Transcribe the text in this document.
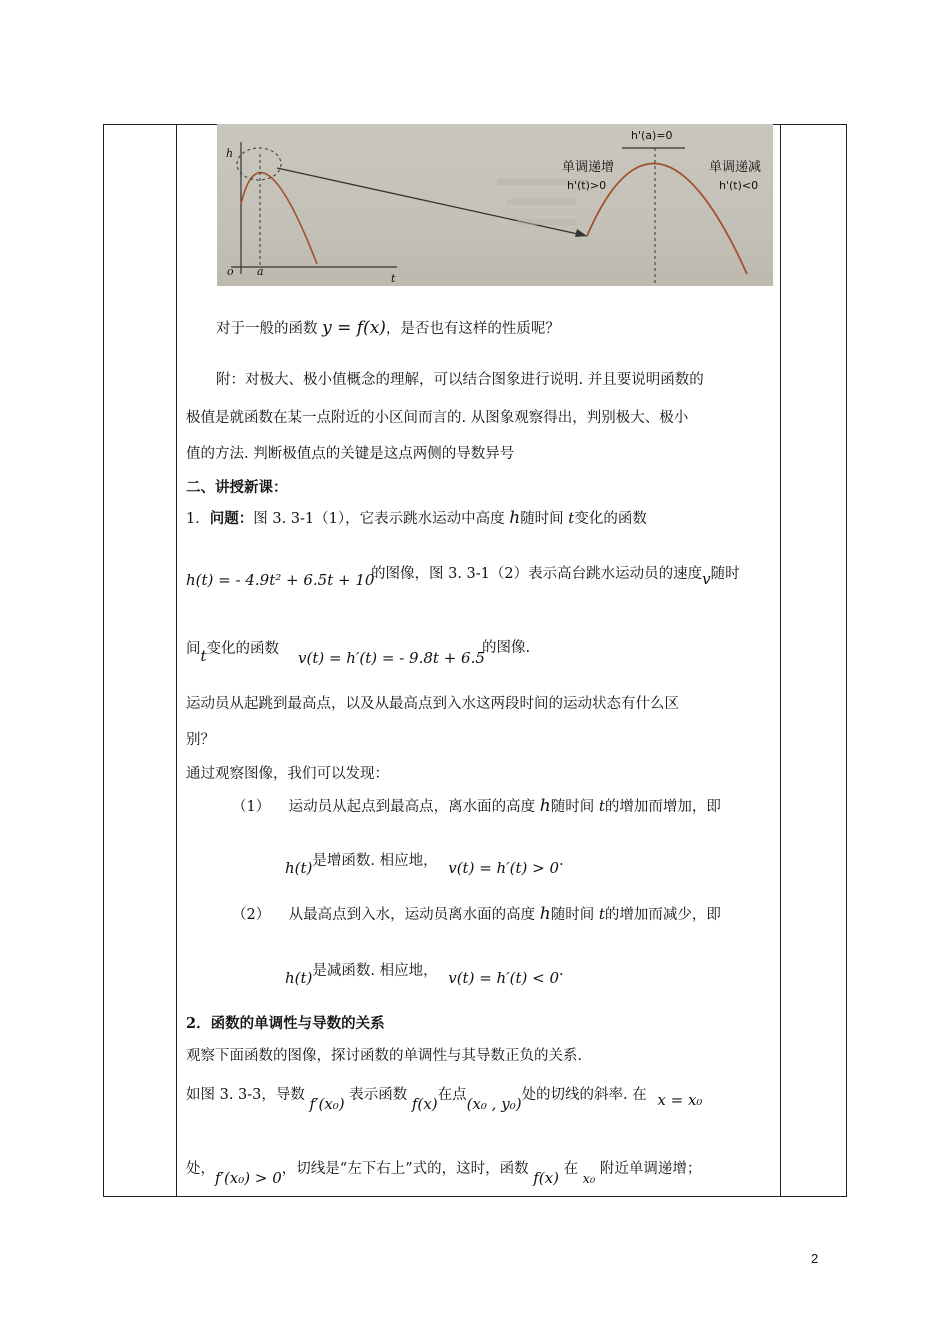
h
o a
t
h'(a)=0
单调递增
h'(t)>0
单调递减
h'(t)<0
对于一般的函数 y = f(x)，是否也有这样的性质呢？
附：对极大、极小值概念的理解，可以结合图象进行说明. 并且要说明函数的
极值是就函数在某一点附近的小区间而言的. 从图象观察得出，判别极大、极小
值的方法. 判断极值点的关键是这点两侧的导数异号
二、讲授新课：
1．问题：图 3. 3-1（1），它表示跳水运动中高度 h随时间 t变化的函数
h(t) = - 4.9t² + 6.5t + 10
的图像，图 3. 3-1（2）表示高台跳水运动员的速度v随时
间t变化的函数 v(t) = h′(t) = - 9.8t + 6.5
的图像.
运动员从起跳到最高点，以及从最高点到入水这两段时间的运动状态有什么区
别？
通过观察图像，我们可以发现：
（1） 运动员从起点到最高点，离水面的高度 h随时间 t的增加而增加，即
h(t)是增函数. 相应地， v(t) = h′(t) > 0.
（2） 从最高点到入水，运动员离水面的高度 h随时间 t的增加而减少，即
h(t)是减函数. 相应地， v(t) = h′(t) < 0.
2．函数的单调性与导数的关系
观察下面函数的图像，探讨函数的单调性与其导数正负的关系.
如图 3. 3-3，导数 f′(x₀) 表示函数 f(x)在点(x₀ , y₀)处的切线的斜率. 在 x = x₀
处，f′(x₀) > 0，切线是“左下右上”式的，这时，函数 f(x) 在 x₀ 附近单调递增；
2
